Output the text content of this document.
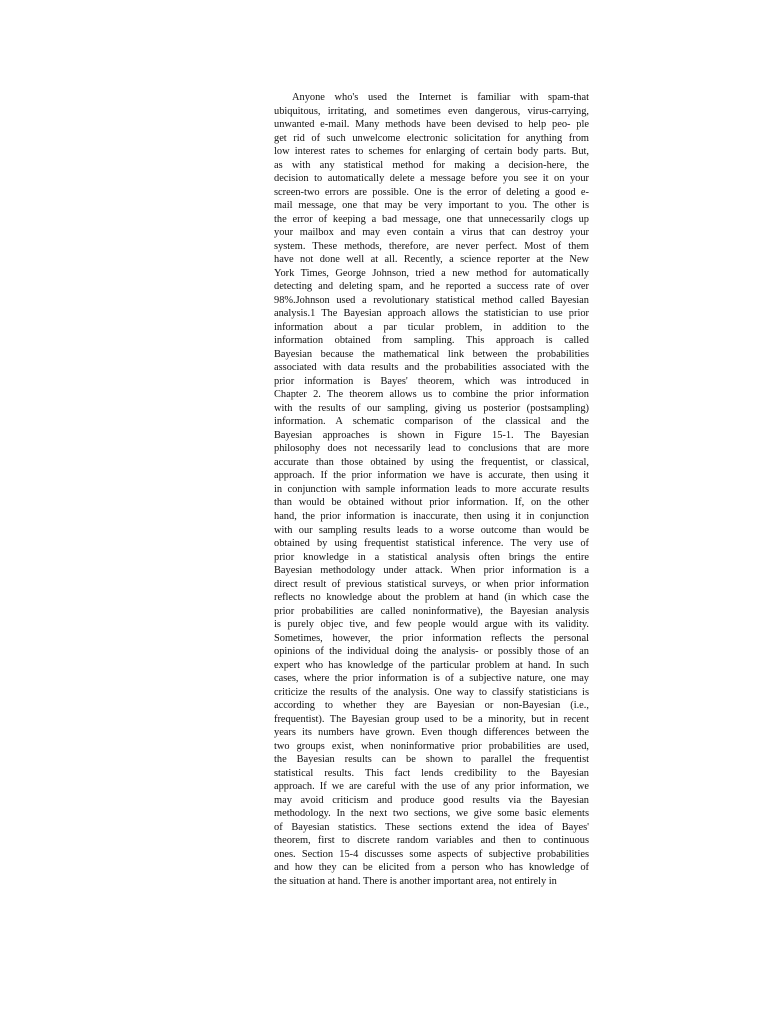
Anyone who's used the Internet is familiar with spam-that
ubiquitous, irritating, and sometimes even dangerous, virus-carrying,
unwanted e-mail. Many methods have been devised to help peo- ple
get rid of such unwelcome electronic solicitation for anything from
low interest rates to schemes for enlarging of certain body parts. But,
as with any statistical method for making a decision-here, the
decision to automatically delete a message before you see it on your
screen-two errors are possible. One is the error of deleting a good e-
mail message, one that may be very important to you. The other is
the error of keeping a bad message, one that unnecessarily clogs up
your mailbox and may even contain a virus that can destroy your
system. These methods, therefore, are never perfect. Most of them
have not done well at all. Recently, a science reporter at the New
York Times, George Johnson, tried a new method for automatically
detecting and deleting spam, and he reported a success rate of over
98%.Johnson used a revolutionary statistical method called Bayesian
analysis.1 The Bayesian approach allows the statistician to use prior
information about a par ticular problem, in addition to the
information obtained from sampling. This approach is called
Bayesian because the mathematical link between the probabilities
associated with data results and the probabilities associated with the
prior information is Bayes' theorem, which was introduced in
Chapter 2. The theorem allows us to combine the prior information
with the results of our sampling, giving us posterior (postsampling)
information. A schematic comparison of the classical and the
Bayesian approaches is shown in Figure 15-1. The Bayesian
philosophy does not necessarily lead to conclusions that are more
accurate than those obtained by using the frequentist, or classical,
approach. If the prior information we have is accurate, then using it
in conjunction with sample information leads to more accurate results
than would be obtained without prior information. If, on the other
hand, the prior information is inaccurate, then using it in conjunction
with our sampling results leads to a worse outcome than would be
obtained by using frequentist statistical inference. The very use of
prior knowledge in a statistical analysis often brings the entire
Bayesian methodology under attack. When prior information is a
direct result of previous statistical surveys, or when prior information
reflects no knowledge about the problem at hand (in which case the
prior probabilities are called noninformative), the Bayesian analysis
is purely objec tive, and few people would argue with its validity.
Sometimes, however, the prior information reflects the personal
opinions of the individual doing the analysis- or possibly those of an
expert who has knowledge of the particular problem at hand. In such
cases, where the prior information is of a subjective nature, one may
criticize the results of the analysis. One way to classify statisticians is
according to whether they are Bayesian or non-Bayesian (i.e.,
frequentist). The Bayesian group used to be a minority, but in recent
years its numbers have grown. Even though differences between the
two groups exist, when noninformative prior probabilities are used,
the Bayesian results can be shown to parallel the frequentist
statistical results. This fact lends credibility to the Bayesian
approach. If we are careful with the use of any prior information, we
may avoid criticism and produce good results via the Bayesian
methodology. In the next two sections, we give some basic elements
of Bayesian statistics. These sections extend the idea of Bayes'
theorem, first to discrete random variables and then to continuous
ones. Section 15-4 discusses some aspects of subjective probabilities
and how they can be elicited from a person who has knowledge of
the situation at hand. There is another important area, not entirely in
